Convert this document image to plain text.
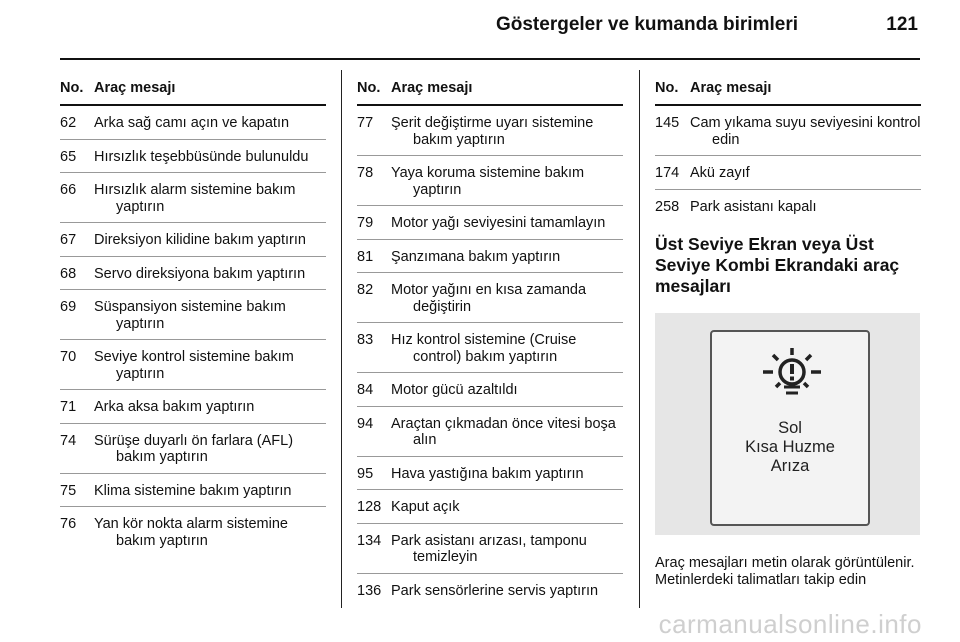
Göstergeler ve kumanda birimleri	121
No. Araç mesajı
62	Arka sağ camı açın ve kapatın
65	Hırsızlık teşebbüsünde bulunuldu
66	Hırsızlık alarm sistemine bakım yaptırın
67	Direksiyon kilidine bakım yaptırın
68	Servo direksiyona bakım yaptırın
69	Süspansiyon sistemine bakım yaptırın
70	Seviye kontrol sistemine bakım yaptırın
71	Arka aksa bakım yaptırın
74	Sürüşe duyarlı ön farlara (AFL) bakım yaptırın
75	Klima sistemine bakım yaptırın
76	Yan kör nokta alarm sistemine bakım yaptırın
No. Araç mesajı
77	Şerit değiştirme uyarı sistemine bakım yaptırın
78	Yaya koruma sistemine bakım yaptırın
79	Motor yağı seviyesini tamamlayın
81	Şanzımana bakım yaptırın
82	Motor yağını en kısa zamanda değiştirin
83	Hız kontrol sistemine (Cruise control) bakım yaptırın
84	Motor gücü azaltıldı
94	Araçtan çıkmadan önce vitesi boşa alın
95	Hava yastığına bakım yaptırın
128 Kaput açık
134 Park asistanı arızası, tamponu temizleyin
136 Park sensörlerine servis yaptırın
No. Araç mesajı
145 Cam yıkama suyu seviyesini kontrol edin
174 Akü zayıf
258 Park asistanı kapalı
Üst Seviye Ekran veya Üst Seviye Kombi Ekrandaki araç mesajları
Sol
Kısa Huzme
Arıza
Araç mesajları metin olarak görüntülenir. Metinlerdeki talimatları takip edin
carmanualsonline.info
